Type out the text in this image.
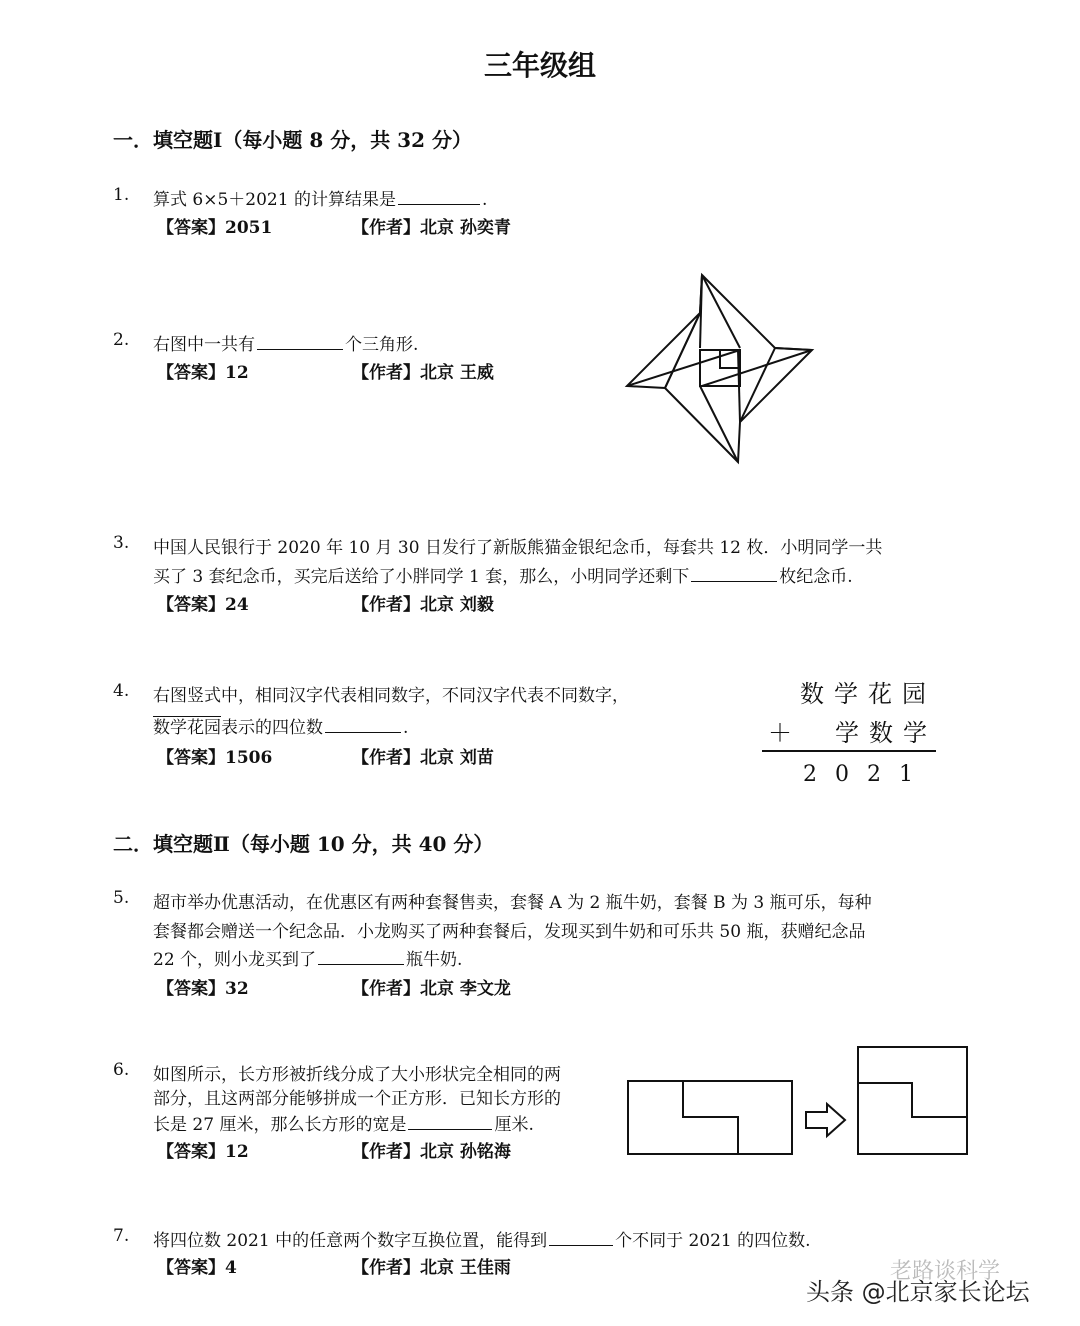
三年级组
一．填空题Ⅰ（每小题 8 分，共 32 分）
1. 算式 6×5＋2021 的计算结果是	.
【答案】2051	【作者】北京 孙奕青
2. 右图中一共有	个三角形.
【答案】12	【作者】北京 王威
3. 中国人民银行于 2020 年 10 月 30 日发行了新版熊猫金银纪念币，每套共 12 枚．小明同学一共
买了 3 套纪念币，买完后送给了小胖同学 1 套，那么，小明同学还剩下	枚纪念币.
【答案】24	【作者】北京 刘毅
4. 右图竖式中，相同汉字代表相同数字，不同汉字代表不同数字，
数学花园表示的四位数	.
【答案】1506	【作者】北京 刘苗
数学花园
＋ 学数学
2021
二．填空题Ⅱ（每小题 10 分，共 40 分）
5. 超市举办优惠活动，在优惠区有两种套餐售卖，套餐 A 为 2 瓶牛奶，套餐 B 为 3 瓶可乐，每种
套餐都会赠送一个纪念品．小龙购买了两种套餐后，发现买到牛奶和可乐共 50 瓶，获赠纪念品
22 个，则小龙买到了	瓶牛奶.
【答案】32	【作者】北京 李文龙
6. 如图所示，长方形被折线分成了大小形状完全相同的两
部分，且这两部分能够拼成一个正方形．已知长方形的
长是 27 厘米，那么长方形的宽是	厘米.
【答案】12	【作者】北京 孙铭海
7. 将四位数 2021 中的任意两个数字互换位置，能得到	个不同于 2021 的四位数.
【答案】4	【作者】北京 王佳雨	老路谈科学
头条 @北京家长论坛
